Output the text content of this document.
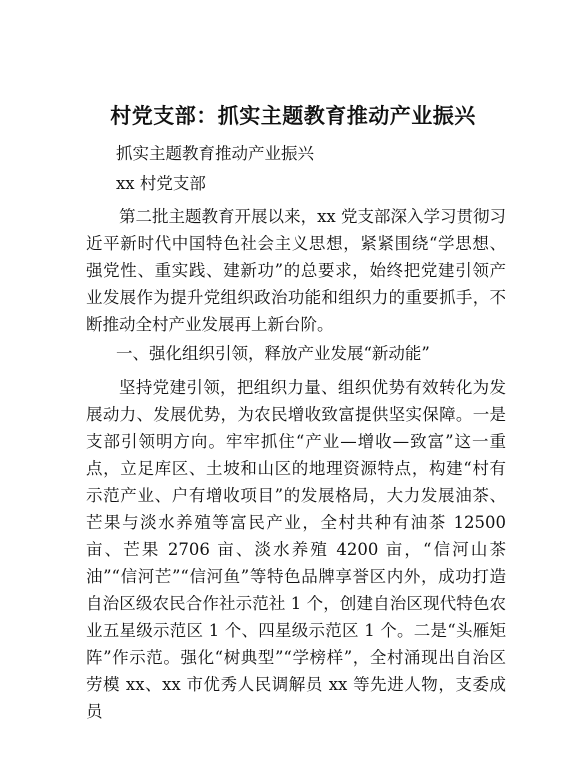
村党支部：抓实主题教育推动产业振兴
抓实主题教育推动产业振兴
xx 村党支部

第二批主题教育开展以来，xx 党支部深入学习贯彻习近平新时代中国特色社会主义思想，紧紧围绕“学思想、强党性、重实践、建新功”的总要求，始终把党建引领产业发展作为提升党组织政治功能和组织力的重要抓手，不断推动全村产业发展再上新台阶。

一、强化组织引领，释放产业发展“新动能”

坚持党建引领，把组织力量、组织优势有效转化为发展动力、发展优势，为农民增收致富提供坚实保障。一是支部引领明方向。牢牢抓住“产业—增收—致富”这一重点，立足库区、土坡和山区的地理资源特点，构建“村有示范产业、户有增收项目”的发展格局，大力发展油茶、芒果与淡水养殖等富民产业，全村共种有油茶 12500 亩、芒果 2706 亩、淡水养殖 4200 亩，“信河山茶油”“信河芒”“信河鱼”等特色品牌享誉区内外，成功打造自治区级农民合作社示范社 1 个，创建自治区现代特色农业五星级示范区 1 个、四星级示范区 1 个。二是“头雁矩阵”作示范。强化“树典型”“学榜样”，全村涌现出自治区劳模 xx、xx 市优秀人民调解员 xx 等先进人物，支委成员
